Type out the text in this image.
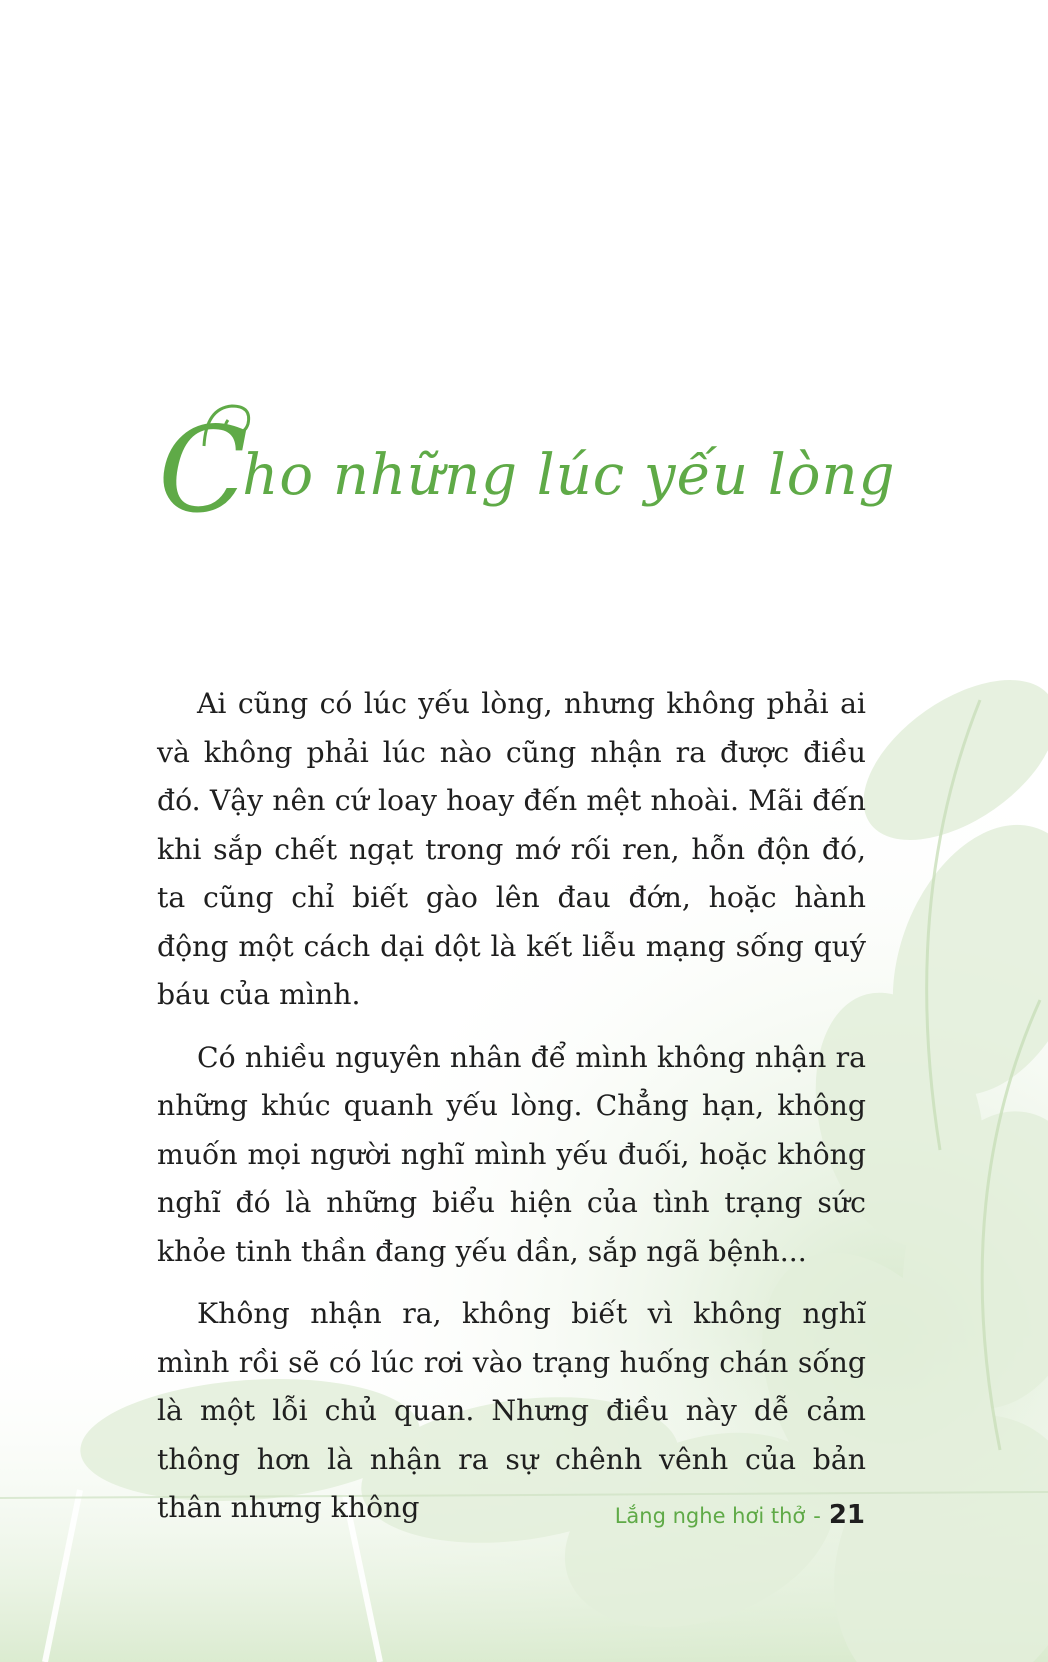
Cho những lúc yếu lòng

Ai cũng có lúc yếu lòng, nhưng không phải ai và không phải lúc nào cũng nhận ra được điều đó. Vậy nên cứ loay hoay đến mệt nhoài. Mãi đến khi sắp chết ngạt trong mớ rối ren, hỗn độn đó, ta cũng chỉ biết gào lên đau đớn, hoặc hành động một cách dại dột là kết liễu mạng sống quý báu của mình.

Có nhiều nguyên nhân để mình không nhận ra những khúc quanh yếu lòng. Chẳng hạn, không muốn mọi người nghĩ mình yếu đuối, hoặc không nghĩ đó là những biểu hiện của tình trạng sức khỏe tinh thần đang yếu dần, sắp ngã bệnh...

Không nhận ra, không biết vì không nghĩ mình rồi sẽ có lúc rơi vào trạng huống chán sống là một lỗi chủ quan. Nhưng điều này dễ cảm thông hơn là nhận ra sự chênh vênh của bản thân nhưng không	Lắng nghe hơi thở - 21
